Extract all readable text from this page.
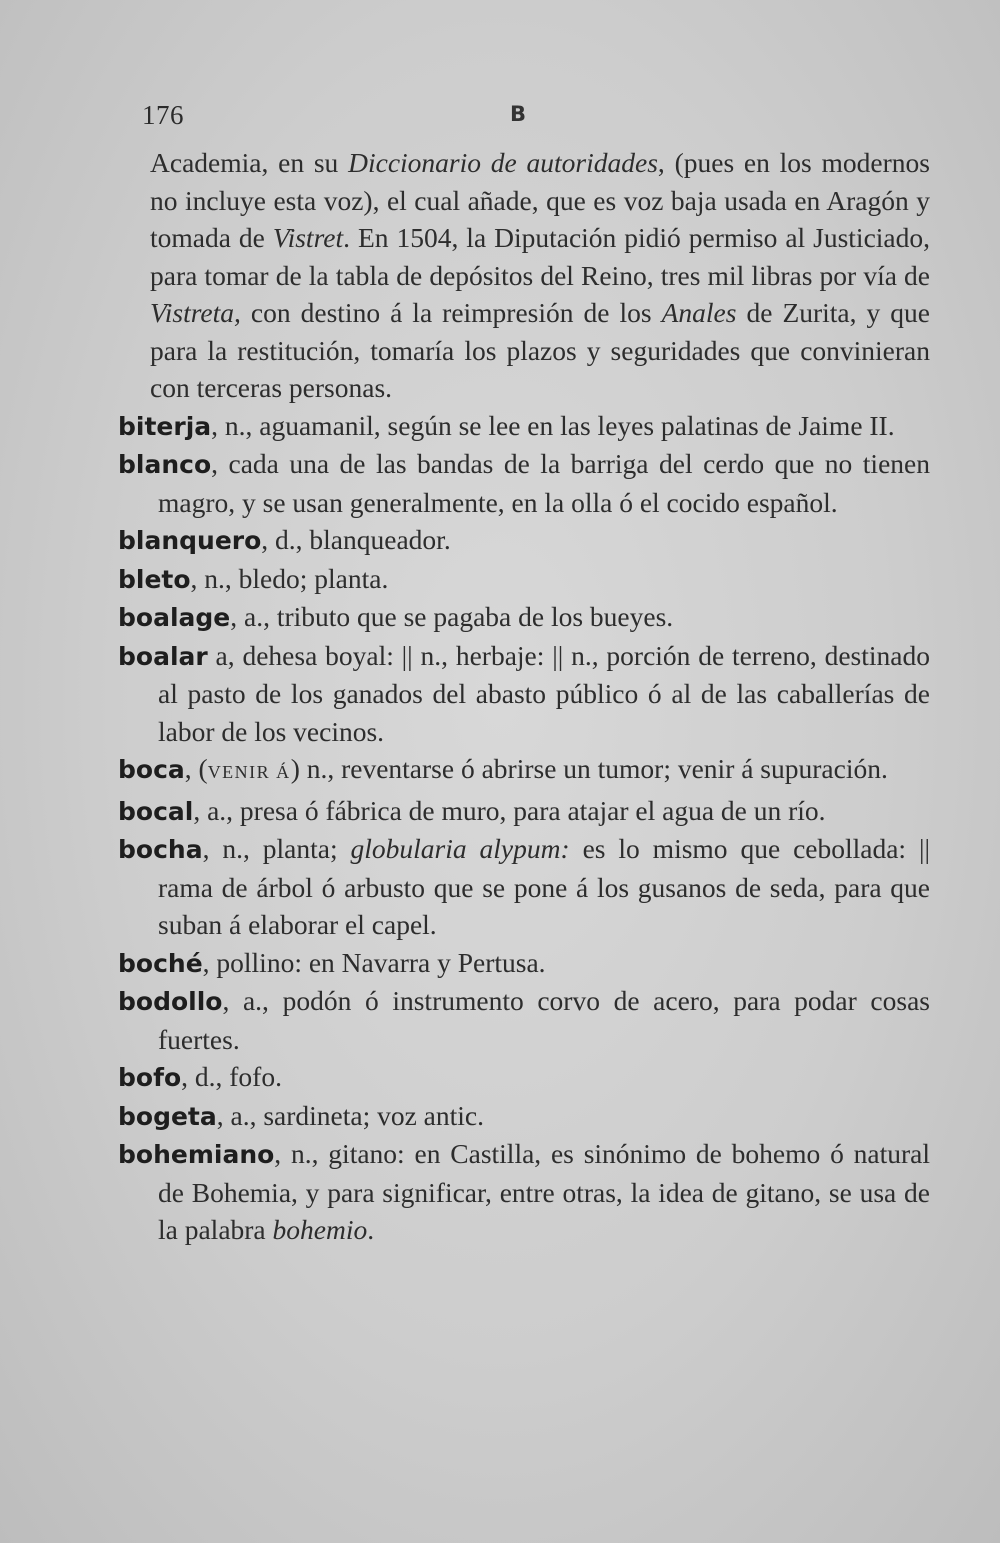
176	B

Academia, en su Diccionario de autoridades, (pues en los modernos no incluye esta voz), el cual añade, que es voz baja usada en Aragón y tomada de Vistret. En 1504, la Diputación pidió permiso al Justiciado, para tomar de la tabla de depósitos del Reino, tres mil libras por vía de Vistreta, con destino á la reimpresión de los Anales de Zurita, y que para la restitución, tomaría los plazos y seguridades que convinieran con terceras personas.

biterja, n., aguamanil, según se lee en las leyes palatinas de Jaime II.

blanco, cada una de las bandas de la barriga del cerdo que no tienen magro, y se usan generalmente, en la olla ó el cocido español.

blanquero, d., blanqueador.

bleto, n., bledo; planta.

boalage, a., tributo que se pagaba de los bueyes.

boalar a, dehesa boyal: || n., herbaje: || n., porción de terreno, destinado al pasto de los ganados del abasto público ó al de las caballerías de labor de los vecinos.

boca, (VENIR Á) n., reventarse ó abrirse un tumor; venir á supuración.

bocal, a., presa ó fábrica de muro, para atajar el agua de un río.

bocha, n., planta; globularia alypum: es lo mismo que cebollada: || rama de árbol ó arbusto que se pone á los gusanos de seda, para que suban á elaborar el capel.

boché, pollino: en Navarra y Pertusa.

bodollo, a., podón ó instrumento corvo de acero, para podar cosas fuertes.

bofo, d., fofo.

bogeta, a., sardineta; voz antic.

bohemiano, n., gitano: en Castilla, es sinónimo de bohemo ó natural de Bohemia, y para significar, entre otras, la idea de gitano, se usa de la palabra bohemio.
